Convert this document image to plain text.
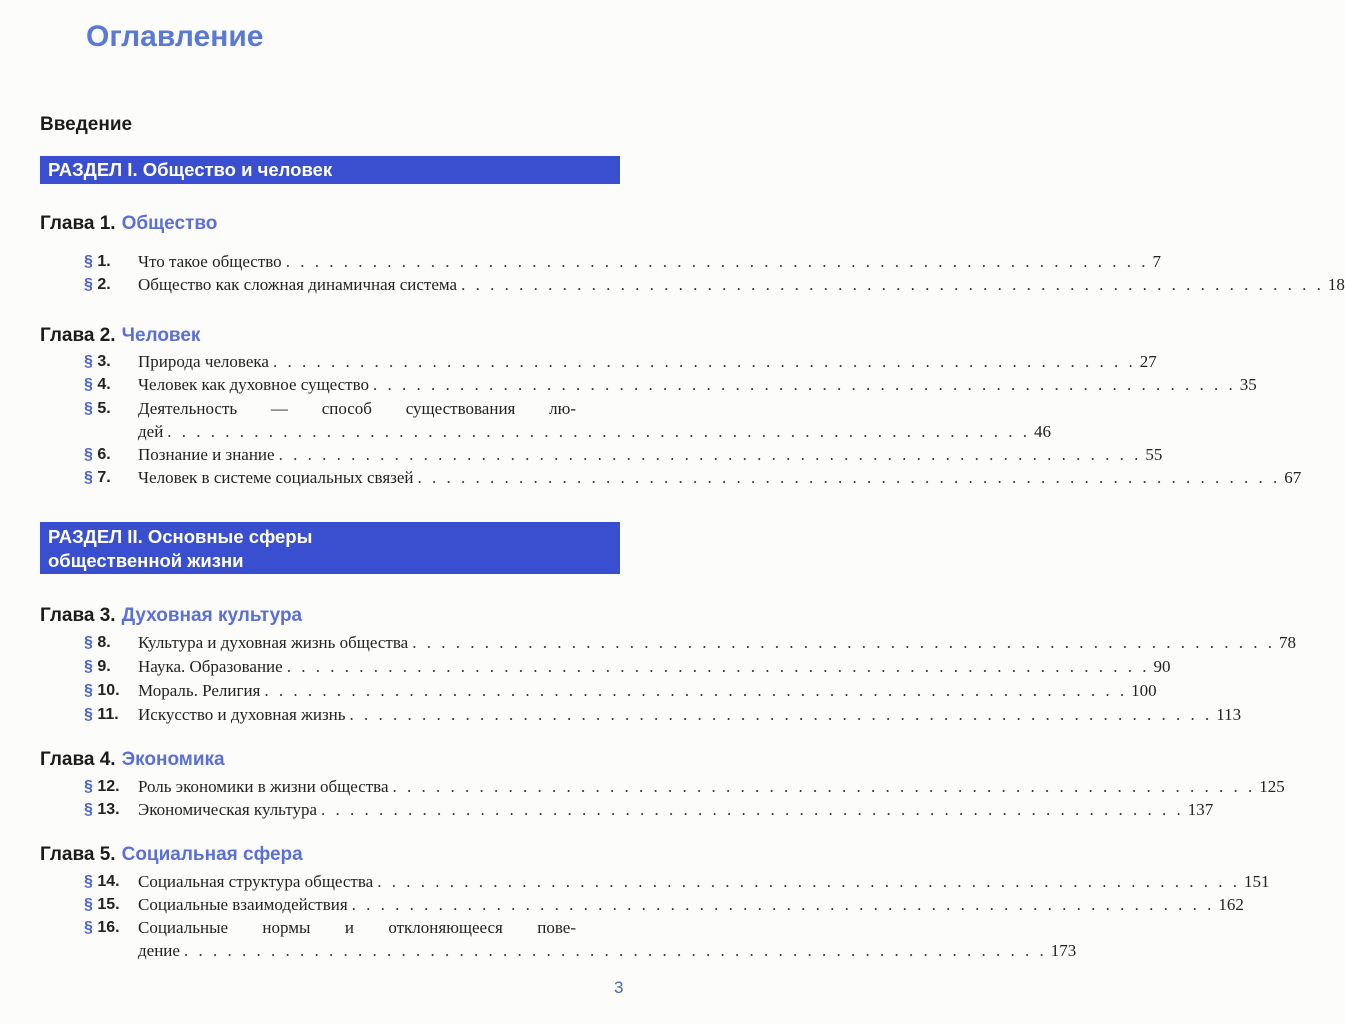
Оглавление
Введение
РАЗДЕЛ I. Общество и человек
Глава 1. Общество
§ 1.	Что такое общество . . . . . . . . . . . . . . . . . . . . . . . . . . . . . . . . . . . . . . . . . . . . . . . . . . . . . . . . . . . . 7
§ 2.	Общество как сложная динамичная система . . . . . . . . . . . . . . . . . . . . . . . . . . . . . . . . . . . . . . . . . . . . . . . . . . . . . . . . . . . . 18
Глава 2. Человек
§ 3.	Природа человека . . . . . . . . . . . . . . . . . . . . . . . . . . . . . . . . . . . . . . . . . . . . . . . . . . . . . . . . . . . . 27
§ 4.	Человек как духовное существо . . . . . . . . . . . . . . . . . . . . . . . . . . . . . . . . . . . . . . . . . . . . . . . . . . . . . . . . . . . . 35
§ 5.	Деятельность — способ существования лю-
дей . . . . . . . . . . . . . . . . . . . . . . . . . . . . . . . . . . . . . . . . . . . . . . . . . . . . . . . . . . . . 46
§ 6.	Познание и знание . . . . . . . . . . . . . . . . . . . . . . . . . . . . . . . . . . . . . . . . . . . . . . . . . . . . . . . . . . . . 55
§ 7.	Человек в системе социальных связей . . . . . . . . . . . . . . . . . . . . . . . . . . . . . . . . . . . . . . . . . . . . . . . . . . . . . . . . . . . . 67
РАЗДЕЛ II. Основные сферы
общественной жизни
Глава 3. Духовная культура
§ 8.	Культура и духовная жизнь общества . . . . . . . . . . . . . . . . . . . . . . . . . . . . . . . . . . . . . . . . . . . . . . . . . . . . . . . . . . . . 78
§ 9.	Наука. Образование . . . . . . . . . . . . . . . . . . . . . . . . . . . . . . . . . . . . . . . . . . . . . . . . . . . . . . . . . . . . 90
§ 10.	Мораль. Религия . . . . . . . . . . . . . . . . . . . . . . . . . . . . . . . . . . . . . . . . . . . . . . . . . . . . . . . . . . . . 100
§ 11.	Искусство и духовная жизнь . . . . . . . . . . . . . . . . . . . . . . . . . . . . . . . . . . . . . . . . . . . . . . . . . . . . . . . . . . . . 113
Глава 4. Экономика
§ 12.	Роль экономики в жизни общества . . . . . . . . . . . . . . . . . . . . . . . . . . . . . . . . . . . . . . . . . . . . . . . . . . . . . . . . . . . . 125
§ 13.	Экономическая культура . . . . . . . . . . . . . . . . . . . . . . . . . . . . . . . . . . . . . . . . . . . . . . . . . . . . . . . . . . . . 137
Глава 5. Социальная сфера
§ 14.	Социальная структура общества . . . . . . . . . . . . . . . . . . . . . . . . . . . . . . . . . . . . . . . . . . . . . . . . . . . . . . . . . . . . 151
§ 15.	Социальные взаимодействия . . . . . . . . . . . . . . . . . . . . . . . . . . . . . . . . . . . . . . . . . . . . . . . . . . . . . . . . . . . . 162
§ 16.	Социальные нормы и отклоняющееся пове-
дение . . . . . . . . . . . . . . . . . . . . . . . . . . . . . . . . . . . . . . . . . . . . . . . . . . . . . . . . . . . . 173
3
